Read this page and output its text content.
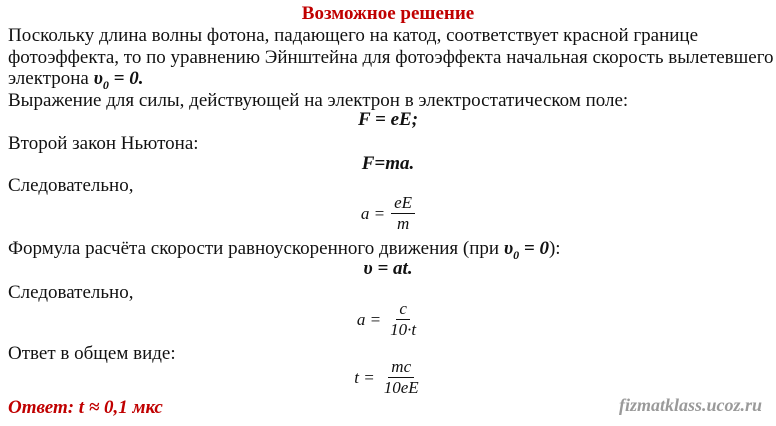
Возможное решение
Поскольку длина волны фотона, падающего на катод, соответствует красной границе
фотоэффекта, то по уравнению Эйнштейна для фотоэффекта начальная скорость вылетевшего
электрона $\upsilon_0 = 0$.
Выражение для силы, действующей на электрон в электростатическом поле:
F = eE;
Второй закон Ньютона:
F=ma.
Следовательно,
$a = \frac{eE}{m}$
Формула расчёта скорости равноускоренного движения (при $\upsilon_0 = 0$):
υ = at.
Следовательно,
$a = \frac{c}{10\cdot t}$
Ответ в общем виде:
$t = \frac{mc}{10eE}$
Ответ: t ≈ 0,1 мкс	fizmatklass.ucoz.ru
